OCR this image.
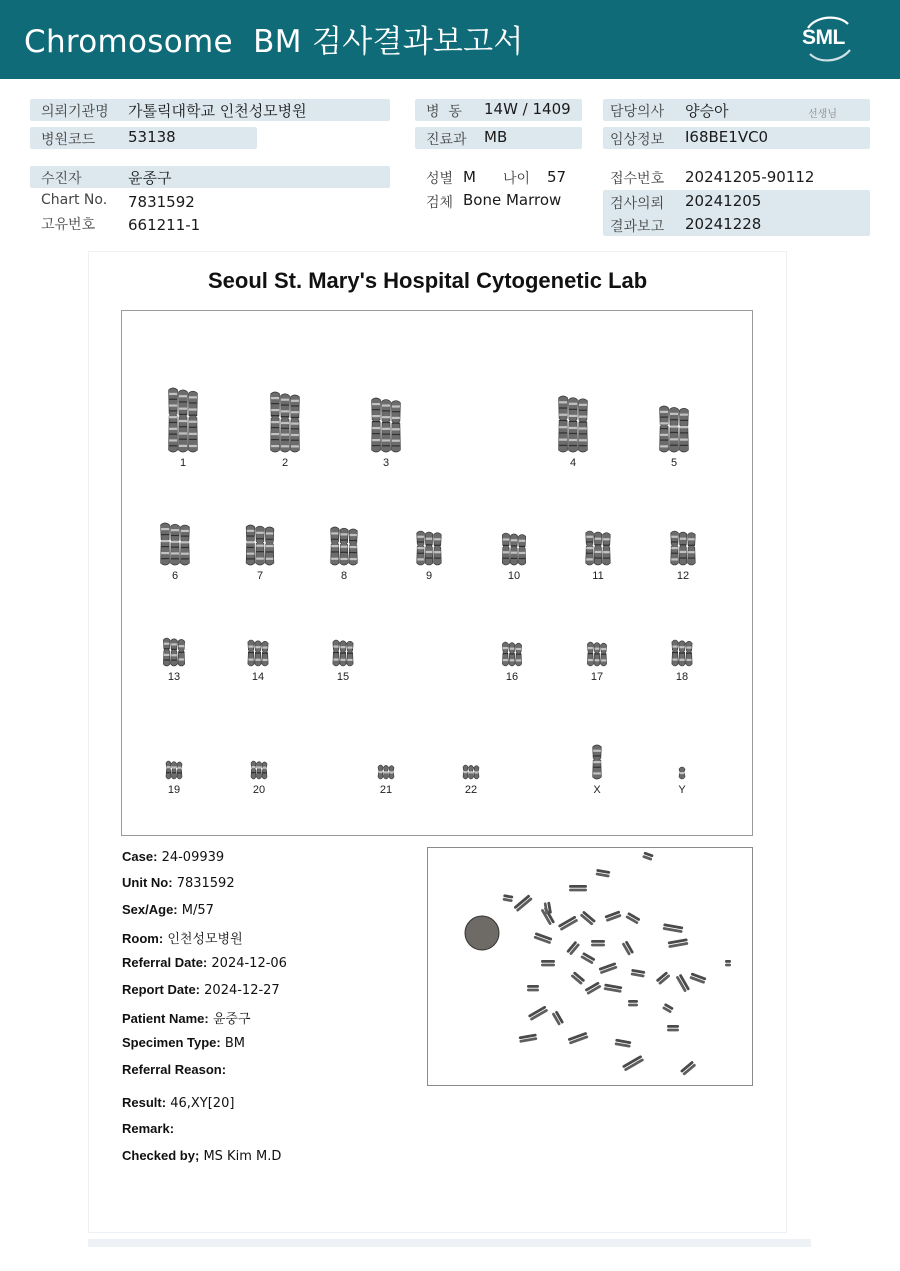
Chromosome  BM 검사결과보고서	SML
의뢰기관명 가톨릭대학교 인천성모병원
병원코드 53138
병  동 14W / 1409
진료과 MB
담당의사 양승아	선생님
임상정보 I68BE1VC0
수진자	윤종구
Chart No. 7831592
고유번호 661211-1
성별 M 나이 57
검체 Bone Marrow
접수번호 20241205-90112
검사의뢰 20241205
결과보고 20241228
Seoul St. Mary's Hospital Cytogenetic Lab
1	2	3	4	5
6	7	8	9	10	11	12
13	14	15	16	17	18
19	20	21	22	X	Y
Case: 24-09939
Unit No: 7831592
Sex/Age: M/57
Room: 인천성모병원
Referral Date: 2024-12-06
Report Date: 2024-12-27
Patient Name: 윤중구
Specimen Type: BM
Referral Reason:
Result: 46,XY[20]
Remark:
Checked by; MS Kim M.D
